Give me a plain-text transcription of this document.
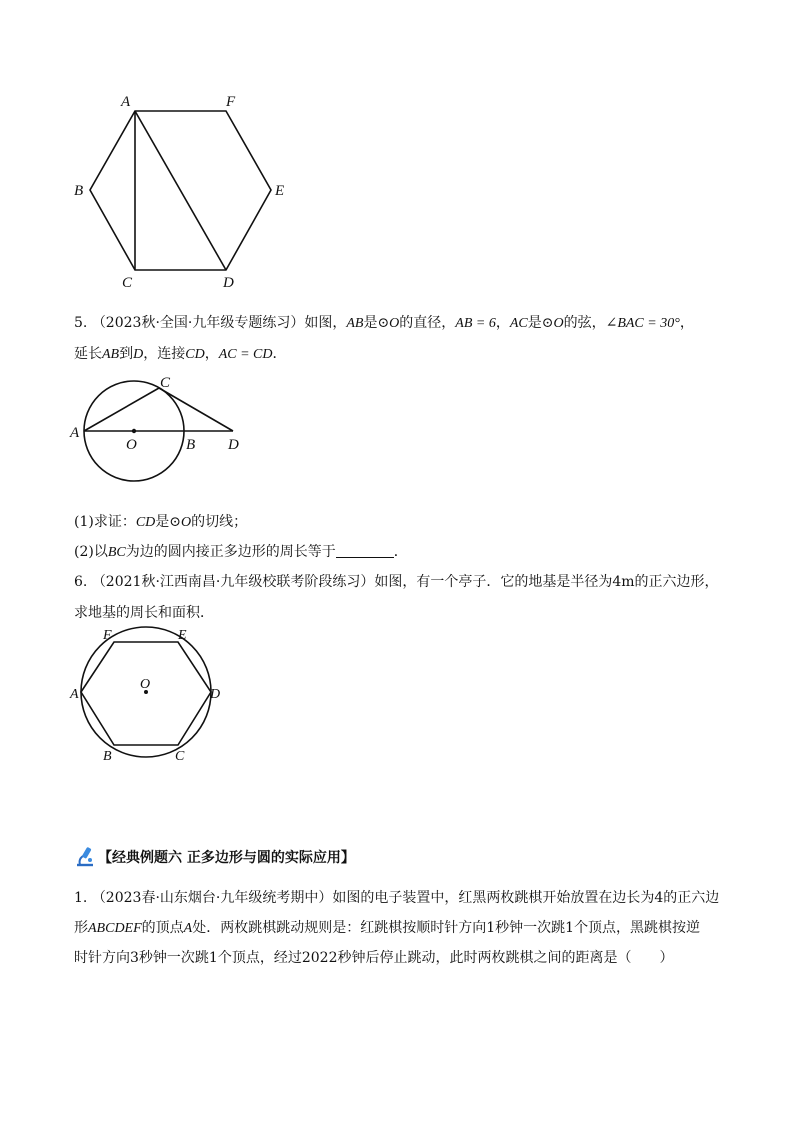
A	F
B	E
C	D
5. （2023秋·全国·九年级专题练习）如图，AB是⊙O的直径，AB = 6，AC是⊙O的弦，∠BAC = 30°，
延长AB到D，连接CD，AC = CD．
A
O	B
C
D
(1)求证：CD是⊙O的切线；
(2)以BC为边的圆内接正多边形的周长等于	．
6. （2021秋·江西南昌·九年级校联考阶段练习）如图，有一个亭子．它的地基是半径为4m的正六边形，
求地基的周长和面积．
F	E
A	D
B	C
O
【经典例题六 正多边形与圆的实际应用】
1. （2023春·山东烟台·九年级统考期中）如图的电子装置中，红黑两枚跳棋开始放置在边长为4的正六边
形ABCDEF的顶点A处．两枚跳棋跳动规则是：红跳棋按顺时针方向1秒钟一次跳1个顶点，黑跳棋按逆
时针方向3秒钟一次跳1个顶点，经过2022秒钟后停止跳动，此时两枚跳棋之间的距离是（　　）
